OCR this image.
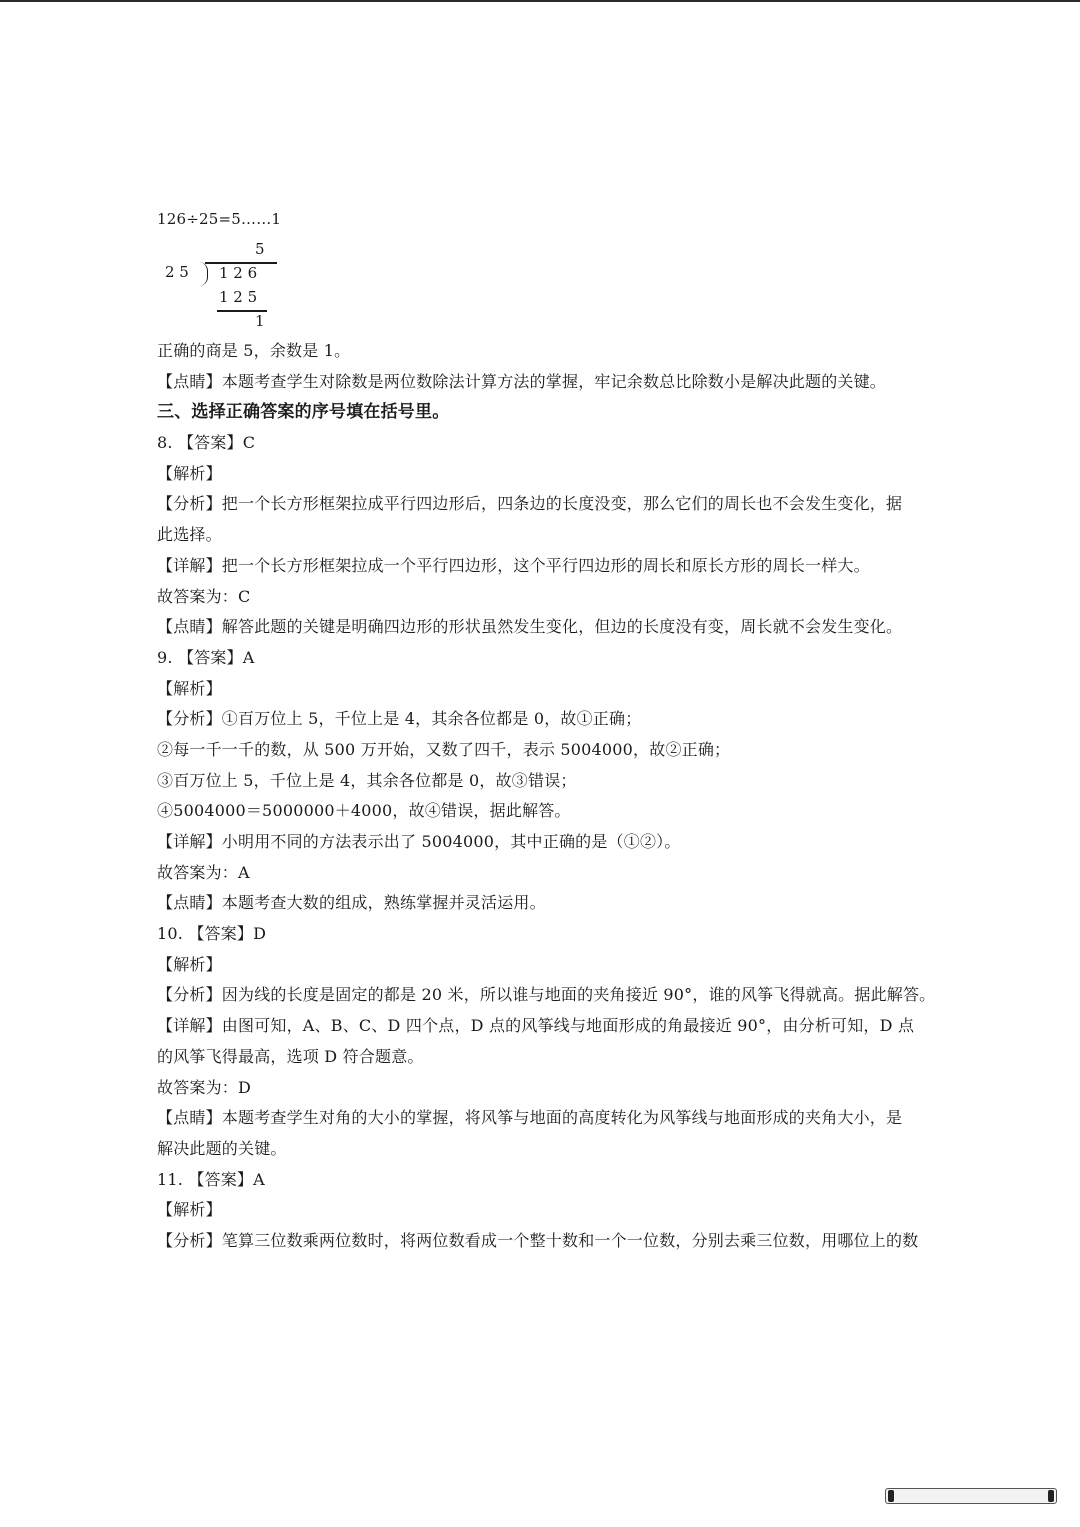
126÷25=5……1
5
2 5 1 2 6
1 2 5
1
正确的商是 5，余数是 1。
【点睛】本题考查学生对除数是两位数除法计算方法的掌握，牢记余数总比除数小是解决此题的关键。
三、选择正确答案的序号填在括号里。
8. 【答案】C
【解析】
【分析】把一个长方形框架拉成平行四边形后，四条边的长度没变，那么它们的周长也不会发生变化，据
此选择。
【详解】把一个长方形框架拉成一个平行四边形，这个平行四边形的周长和原长方形的周长一样大。
故答案为：C
【点睛】解答此题的关键是明确四边形的形状虽然发生变化，但边的长度没有变，周长就不会发生变化。
9. 【答案】A
【解析】
【分析】①百万位上 5，千位上是 4，其余各位都是 0，故①正确；
②每一千一千的数，从 500 万开始，又数了四千，表示 5004000，故②正确；
③百万位上 5，千位上是 4，其余各位都是 0，故③错误；
④5004000＝5000000＋4000，故④错误，据此解答。
【详解】小明用不同的方法表示出了 5004000，其中正确的是（①②）。
故答案为：A
【点睛】本题考查大数的组成，熟练掌握并灵活运用。
10. 【答案】D
【解析】
【分析】因为线的长度是固定的都是 20 米，所以谁与地面的夹角接近 90°，谁的风筝飞得就高。据此解答。
【详解】由图可知，A、B、C、D 四个点，D 点的风筝线与地面形成的角最接近 90°，由分析可知，D 点
的风筝飞得最高，选项 D 符合题意。
故答案为：D
【点睛】本题考查学生对角的大小的掌握，将风筝与地面的高度转化为风筝线与地面形成的夹角大小，是
解决此题的关键。
11. 【答案】A
【解析】
【分析】笔算三位数乘两位数时，将两位数看成一个整十数和一个一位数，分别去乘三位数，用哪位上的数
